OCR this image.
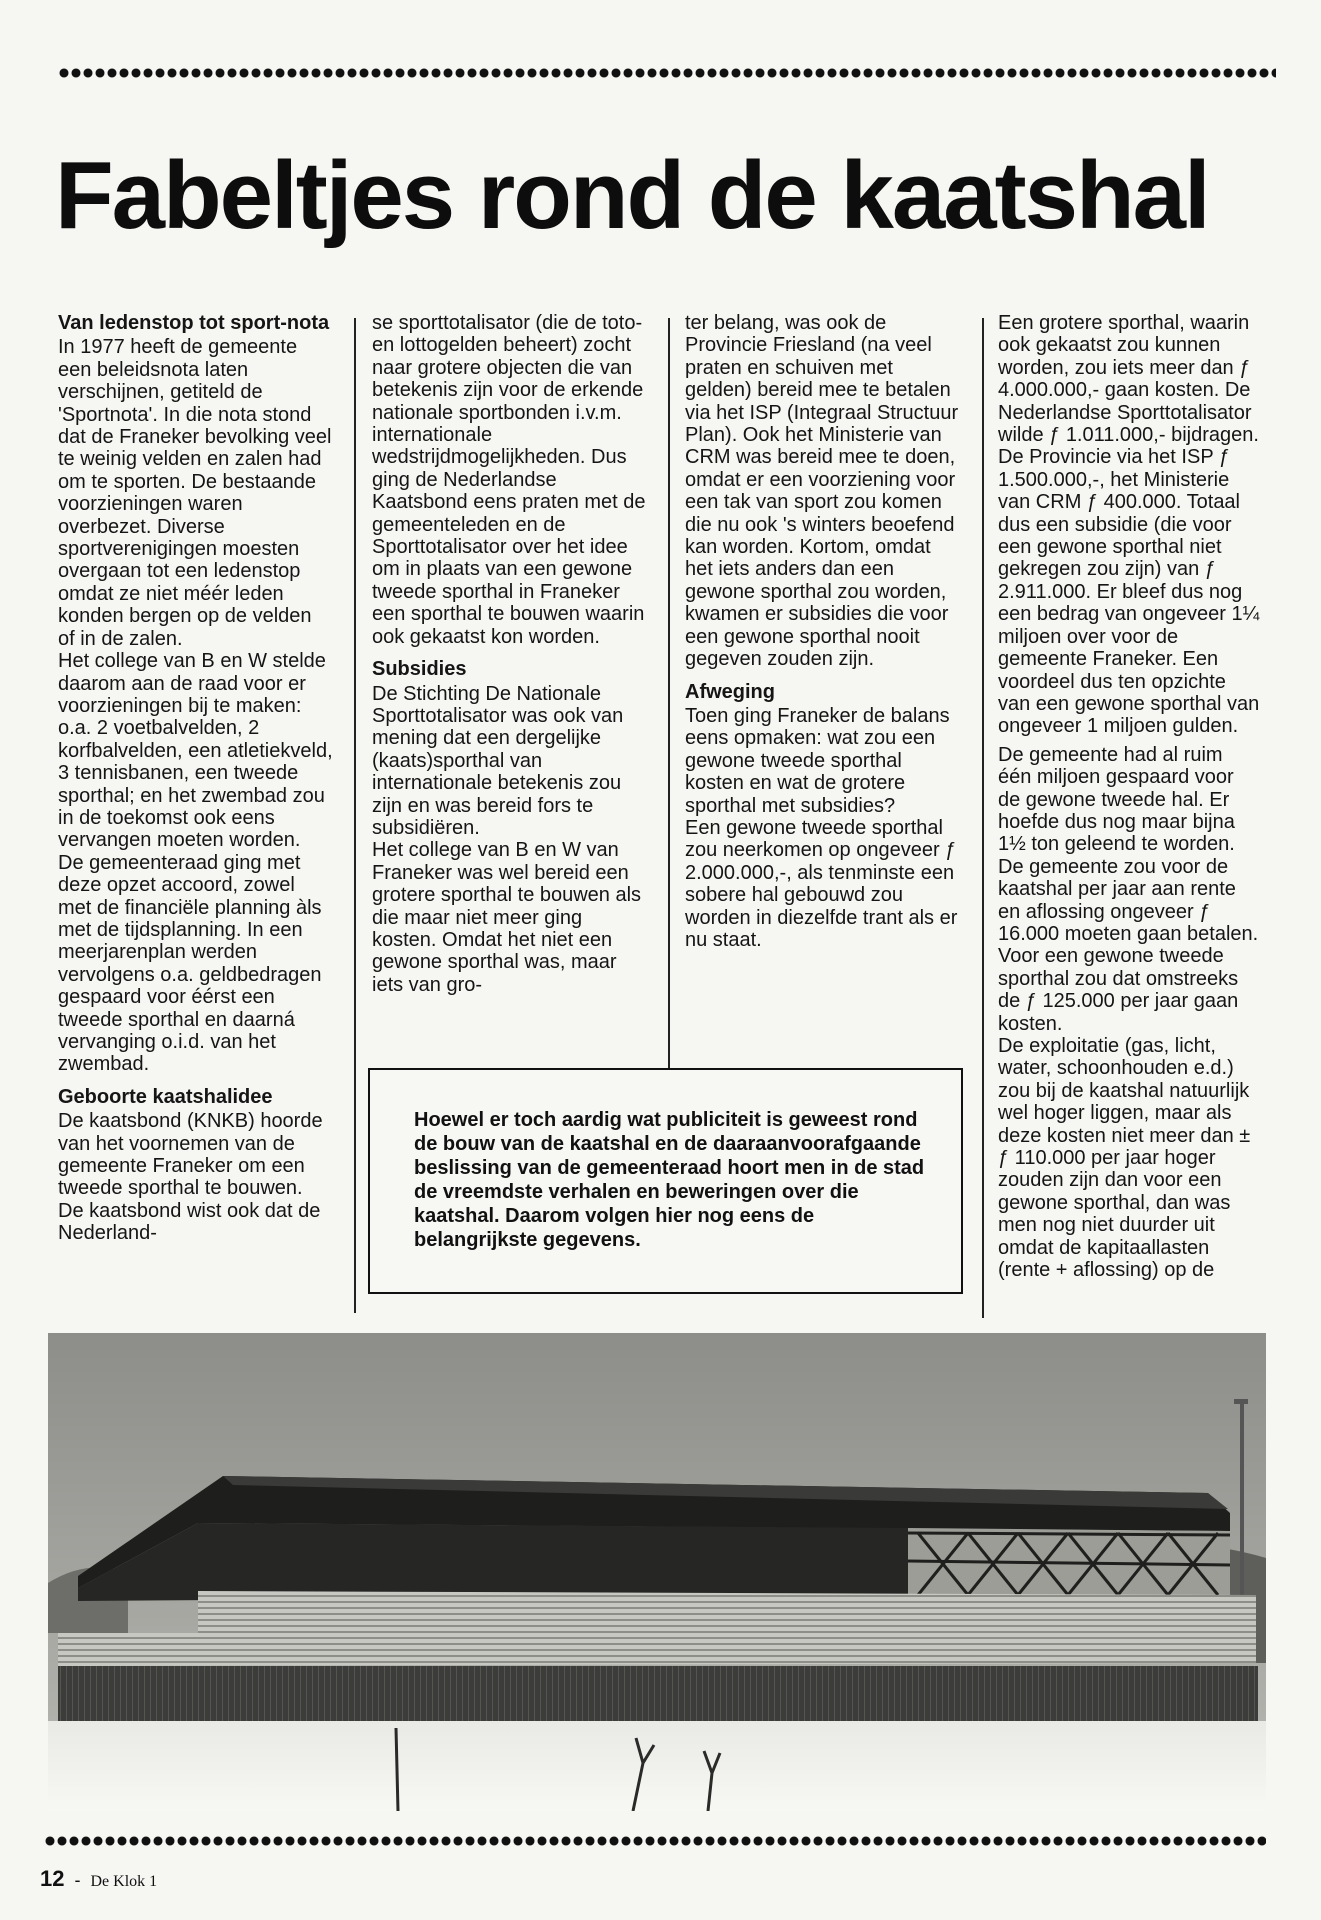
Fabeltjes rond de kaatshal
Van ledenstop tot sport-nota

In 1977 heeft de gemeente een beleidsnota laten verschijnen, getiteld de 'Sportnota'. In die nota stond dat de Franeker bevolking veel te weinig velden en zalen had om te sporten. De bestaande voorzieningen waren overbezet. Diverse sportverenigingen moesten overgaan tot een ledenstop omdat ze niet méér leden konden bergen op de velden of in de zalen.

Het college van B en W stelde daarom aan de raad voor er voorzieningen bij te maken: o.a. 2 voetbalvelden, 2 korfbalvelden, een atletiekveld, 3 tennisbanen, een tweede sporthal; en het zwembad zou in de toekomst ook eens vervangen moeten worden.

De gemeenteraad ging met deze opzet accoord, zowel met de financiële planning àls met de tijdsplanning. In een meerjarenplan werden vervolgens o.a. geldbedragen gespaard voor éérst een tweede sporthal en daarná vervanging o.i.d. van het zwembad.

Geboorte kaatshalidee

De kaatsbond (KNKB) hoorde van het voornemen van de gemeente Franeker om een tweede sporthal te bouwen. De kaatsbond wist ook dat de Nederland-

se sporttotalisator (die de toto- en lottogelden beheert) zocht naar grotere objecten die van betekenis zijn voor de erkende nationale sportbonden i.v.m. internationale wedstrijdmogelijkheden. Dus ging de Nederlandse Kaatsbond eens praten met de gemeenteleden en de Sporttotalisator over het idee om in plaats van een gewone tweede sporthal in Franeker een sporthal te bouwen waarin ook gekaatst kon worden.

Subsidies

De Stichting De Nationale Sporttotalisator was ook van mening dat een dergelijke (kaats)sporthal van internationale betekenis zou zijn en was bereid fors te subsidiëren.

Het college van B en W van Franeker was wel bereid een grotere sporthal te bouwen als die maar niet meer ging kosten. Omdat het niet een gewone sporthal was, maar iets van gro-

ter belang, was ook de Provincie Friesland (na veel praten en schuiven met gelden) bereid mee te betalen via het ISP (Integraal Structuur Plan). Ook het Ministerie van CRM was bereid mee te doen, omdat er een voorziening voor een tak van sport zou komen die nu ook 's winters beoefend kan worden. Kortom, omdat het iets anders dan een gewone sporthal zou worden, kwamen er subsidies die voor een gewone sporthal nooit gegeven zouden zijn.

Afweging

Toen ging Franeker de balans eens opmaken: wat zou een gewone tweede sporthal kosten en wat de grotere sporthal met subsidies?

Een gewone tweede sporthal zou neerkomen op ongeveer ƒ 2.000.000,-, als tenminste een sobere hal gebouwd zou worden in diezelfde trant als er nu staat.

Een grotere sporthal, waarin ook gekaatst zou kunnen worden, zou iets meer dan ƒ 4.000.000,- gaan kosten. De Nederlandse Sporttotalisator wilde ƒ 1.011.000,- bijdragen. De Provincie via het ISP ƒ 1.500.000,-, het Ministerie van CRM ƒ 400.000. Totaal dus een subsidie (die voor een gewone sporthal niet gekregen zou zijn) van ƒ 2.911.000. Er bleef dus nog een bedrag van ongeveer 1¼ miljoen over voor de gemeente Franeker. Een voordeel dus ten opzichte van een gewone sporthal van ongeveer 1 miljoen gulden.

De gemeente had al ruim één miljoen gespaard voor de gewone tweede hal. Er hoefde dus nog maar bijna 1½ ton geleend te worden. De gemeente zou voor de kaatshal per jaar aan rente en aflossing ongeveer ƒ 16.000 moeten gaan betalen. Voor een gewone tweede sporthal zou dat omstreeks de ƒ 125.000 per jaar gaan kosten.

De exploitatie (gas, licht, water, schoonhouden e.d.) zou bij de kaatshal natuurlijk wel hoger liggen, maar als deze kosten niet meer dan ± ƒ 110.000 per jaar hoger zouden zijn dan voor een gewone sporthal, dan was men nog niet duurder uit omdat de kapitaallasten (rente + aflossing) op de

Hoewel er toch aardig wat publiciteit is geweest rond de bouw van de kaatshal en de daaraanvoorafgaande beslissing van de gemeenteraad hoort men in de stad de vreemdste verhalen en beweringen over die kaatshal. Daarom volgen hier nog eens de belangrijkste gegevens.

12 - De Klok 1
